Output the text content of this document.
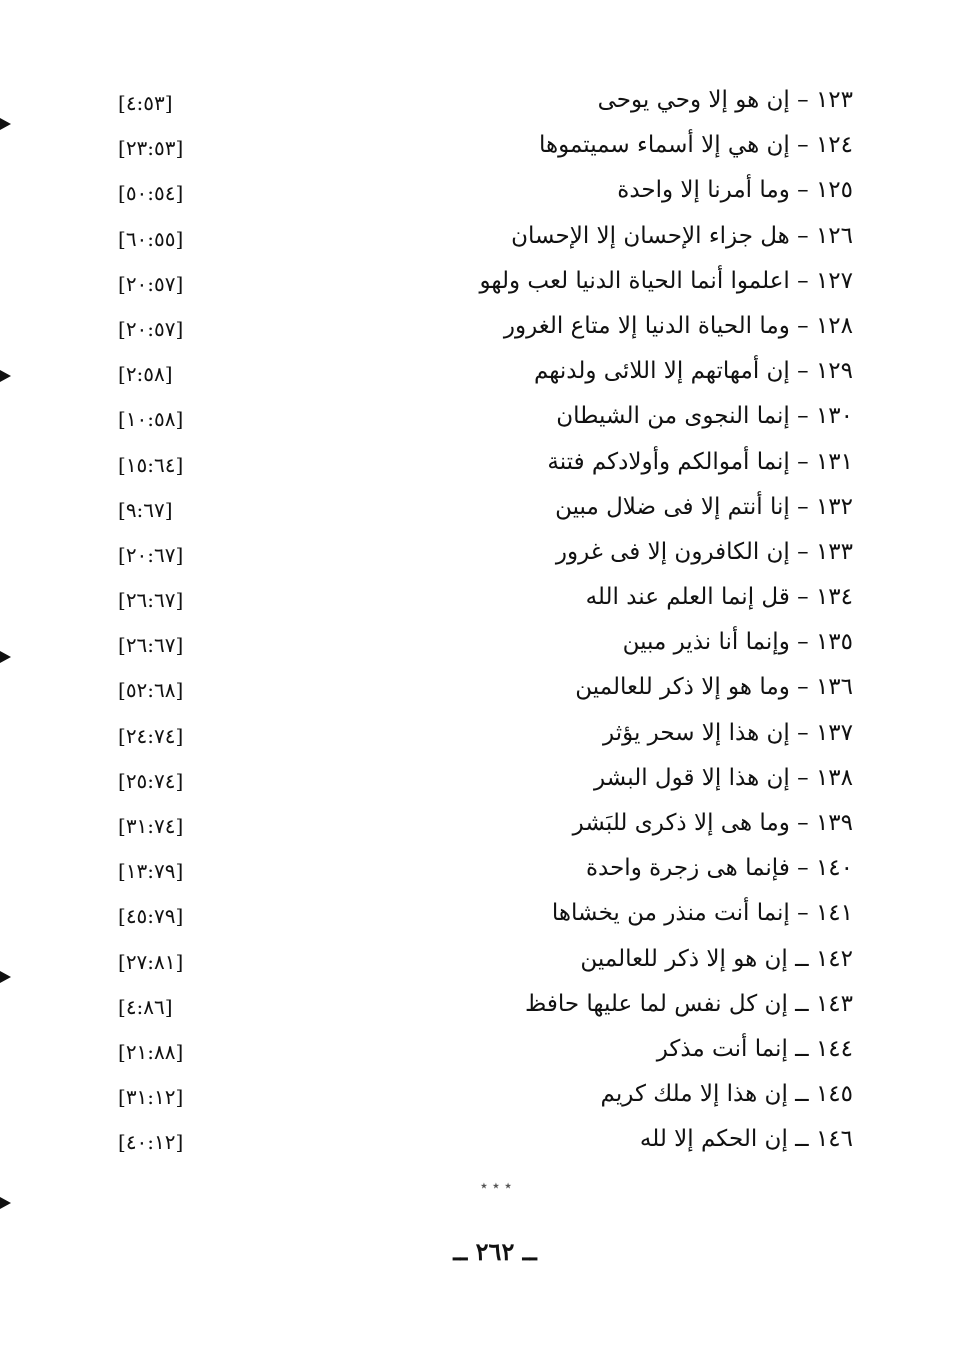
١٢٣ – إن هو إلا وحي يوحى
[٤:٥٣]
١٢٤ – إن هي إلا أسماء سميتموها
[٢٣:٥٣]
١٢٥ – وما أمرنا إلا واحدة
[٥٠:٥٤]
١٢٦ – هل جزاء الإحسان إلا الإحسان
[٦٠:٥٥]
١٢٧ – اعلموا أنما الحياة الدنيا لعب ولهو
[٢٠:٥٧]
١٢٨ – وما الحياة الدنيا إلا متاع الغرور
[٢٠:٥٧]
١٢٩ – إن أمهاتهم إلا اللائى ولدنهم
[٢:٥٨]
١٣٠ – إنما النجوى من الشيطان
[١٠:٥٨]
١٣١ – إنما أموالكم وأولادكم فتنة
[١٥:٦٤]
١٣٢ – إنا أنتم إلا فى ضلال مبين
[٩:٦٧]
١٣٣ – إن الكافرون إلا فى غرور
[٢٠:٦٧]
١٣٤ – قل إنما العلم عند الله
[٢٦:٦٧]
١٣٥ – وإنما أنا نذير مبين
[٢٦:٦٧]
١٣٦ – وما هو إلا ذكر للعالمين
[٥٢:٦٨]
١٣٧ – إن هذا إلا سحر يؤثر
[٢٤:٧٤]
١٣٨ – إن هذا إلا قول البشر
[٢٥:٧٤]
١٣٩ – وما هى إلا ذكرى للبَشر
[٣١:٧٤]
١٤٠ – فإنما هى زجرة واحدة
[١٣:٧٩]
١٤١ – إنما أنت منذر من يخشاها
[٤٥:٧٩]
١٤٢ ــ إن هو إلا ذكر للعالمين
[٢٧:٨١]
١٤٣ ــ إن كل نفس لما عليها حافظ
[٤:٨٦]
١٤٤ ــ إنما أنت مذكر
[٢١:٨٨]
١٤٥ ــ إن هذا إلا ملك كريم
[٣١:١٢]
١٤٦ ــ إن الحكم إلا لله
[٤٠:١٢]
٭ ٭ ٭
ــ ٢٦٢ ــ
